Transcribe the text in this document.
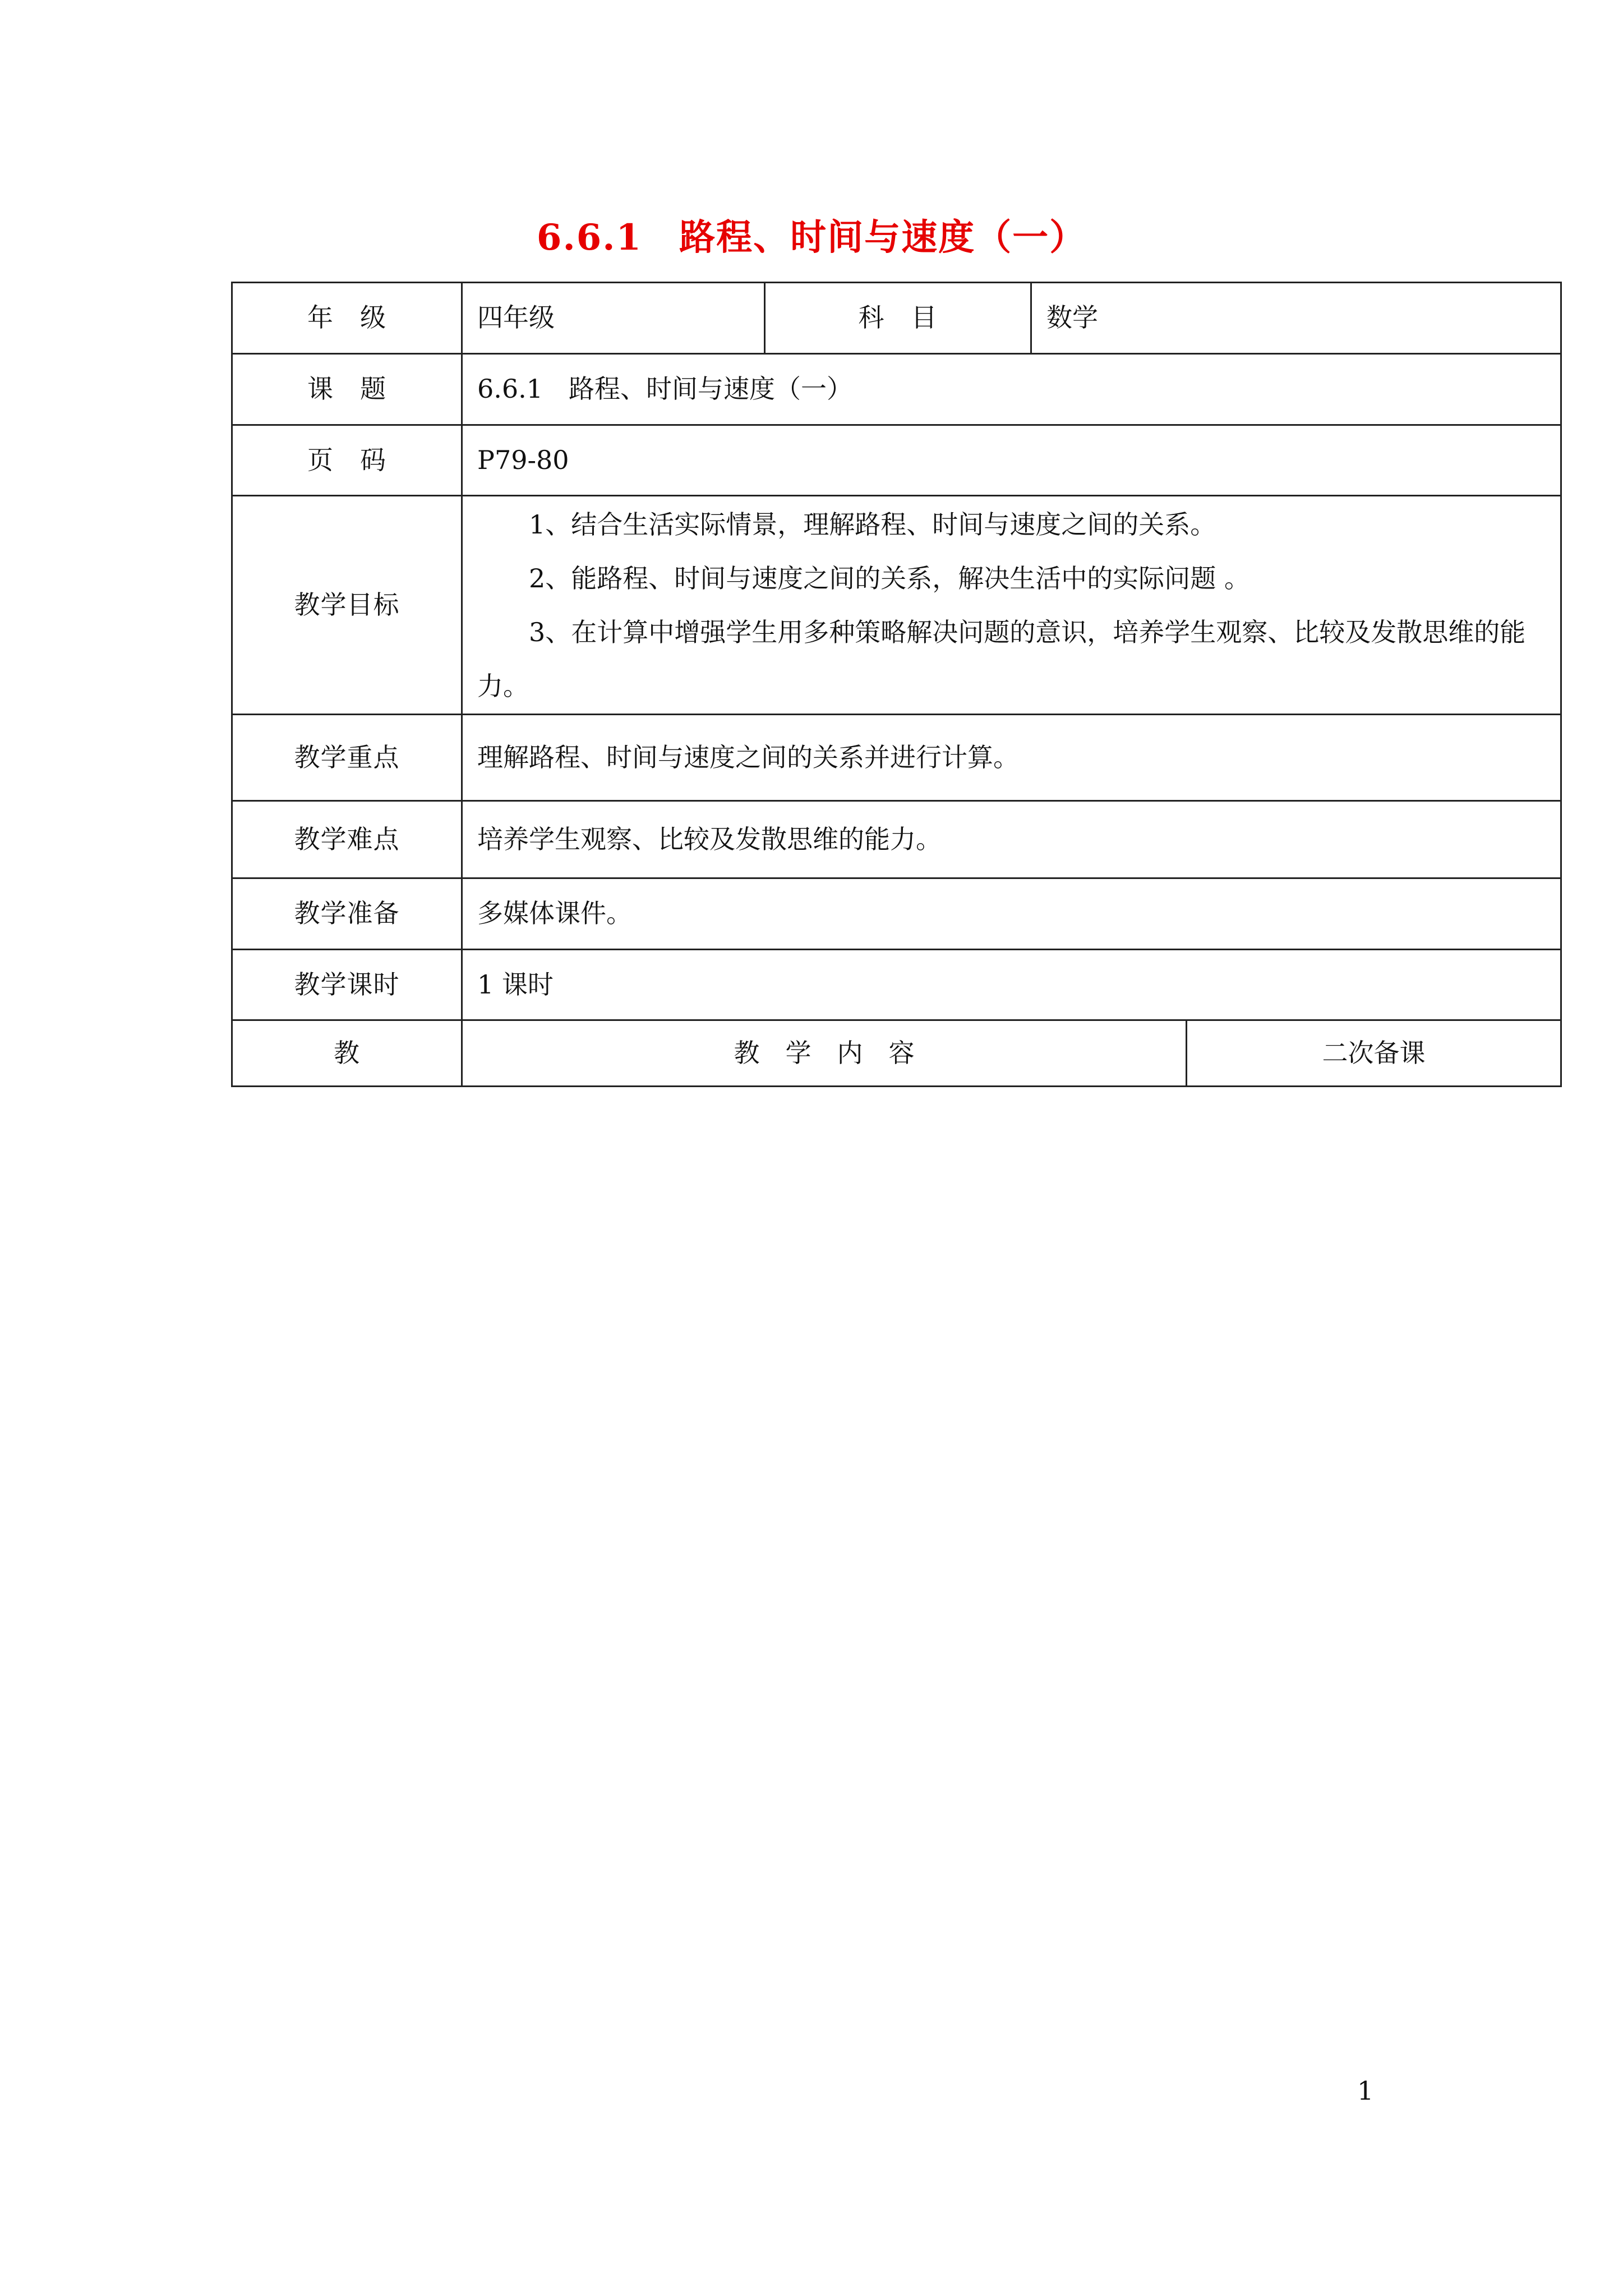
6.6.1　路程、时间与速度（一）
年　级	四年级	科　目	数学	
课　题	6.6.1　路程、时间与速度（一）			
页　码	P79-80			
教学目标	1、结合生活实际情景，理解路程、时间与速度之间的关系。
2、能路程、时间与速度之间的关系，解决生活中的实际问题 。
3、在计算中增强学生用多种策略解决问题的意识，培养学生观察、比较及发散思维的能力。			

教学重点	理解路程、时间与速度之间的关系并进行计算。			
教学难点	培养学生观察、比较及发散思维的能力。			
教学准备	多媒体课件。			
教学课时	1 课时			
教	教　学　内　容			二次备课
1
